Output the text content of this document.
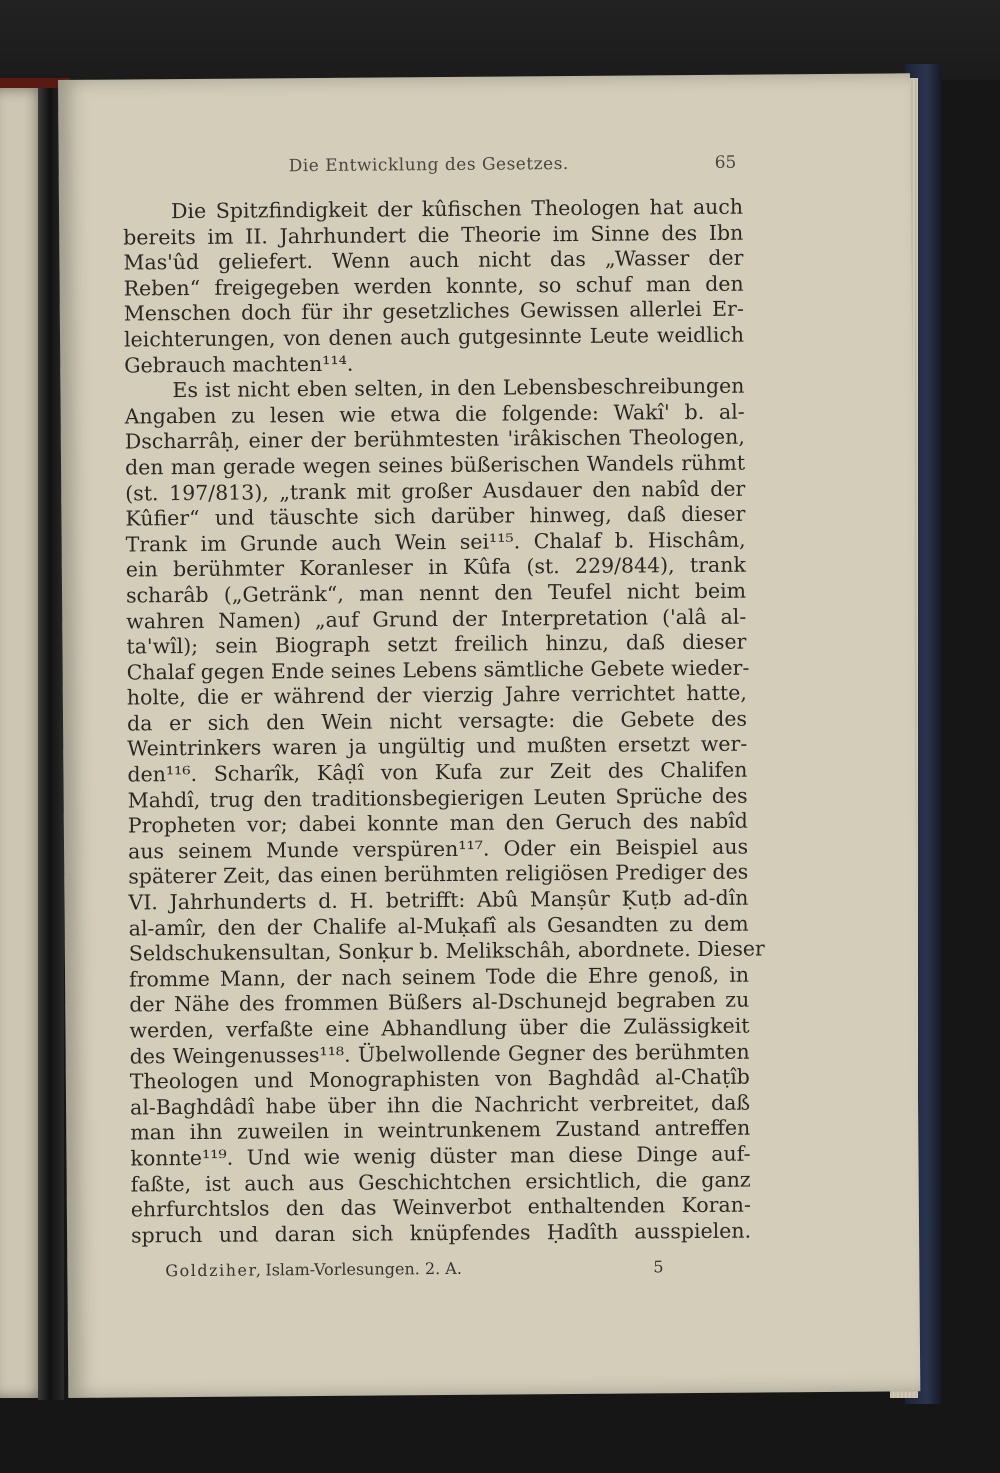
Die Entwicklung des Gesetzes.	65
Die Spitzfindigkeit der kûfischen Theologen hat auch
bereits im II. Jahrhundert die Theorie im Sinne des Ibn
Mas'ûd geliefert. Wenn auch nicht das „Wasser der
Reben“ freigegeben werden konnte, so schuf man den
Menschen doch für ihr gesetzliches Gewissen allerlei Er-
leichterungen, von denen auch gutgesinnte Leute weidlich
Gebrauch machten¹¹⁴.
Es ist nicht eben selten, in den Lebensbeschreibungen
Angaben zu lesen wie etwa die folgende: Wakî' b. al-
Dscharrâḥ, einer der berühmtesten 'irâkischen Theologen,
den man gerade wegen seines büßerischen Wandels rühmt
(st. 197/813), „trank mit großer Ausdauer den nabîd der
Kûfier“ und täuschte sich darüber hinweg, daß dieser
Trank im Grunde auch Wein sei¹¹⁵. Chalaf b. Hischâm,
ein berühmter Koranleser in Kûfa (st. 229/844), trank
scharâb („Getränk“, man nennt den Teufel nicht beim
wahren Namen) „auf Grund der Interpretation ('alâ al-
ta'wîl); sein Biograph setzt freilich hinzu, daß dieser
Chalaf gegen Ende seines Lebens sämtliche Gebete wieder-
holte, die er während der vierzig Jahre verrichtet hatte,
da er sich den Wein nicht versagte: die Gebete des
Weintrinkers waren ja ungültig und mußten ersetzt wer-
den¹¹⁶. Scharîk, Kâḍî von Kufa zur Zeit des Chalifen
Mahdî, trug den traditionsbegierigen Leuten Sprüche des
Propheten vor; dabei konnte man den Geruch des nabîd
aus seinem Munde verspüren¹¹⁷. Oder ein Beispiel aus
späterer Zeit, das einen berühmten religiösen Prediger des
VI. Jahrhunderts d. H. betrifft: Abû Manṣûr Ḳuṭb ad-dîn
al-amîr, den der Chalife al-Muḳafî als Gesandten zu dem
Seldschukensultan, Sonḳur b. Melikschâh, abordnete. Dieser
fromme Mann, der nach seinem Tode die Ehre genoß, in
der Nähe des frommen Büßers al-Dschunejd begraben zu
werden, verfaßte eine Abhandlung über die Zulässigkeit
des Weingenusses¹¹⁸. Übelwollende Gegner des berühmten
Theologen und Monographisten von Baghdâd al-Chaṭîb
al-Baghdâdî habe über ihn die Nachricht verbreitet, daß
man ihn zuweilen in weintrunkenem Zustand antreffen
konnte¹¹⁹. Und wie wenig düster man diese Dinge auf-
faßte, ist auch aus Geschichtchen ersichtlich, die ganz
ehrfurchtslos den das Weinverbot enthaltenden Koran-
spruch und daran sich knüpfendes Ḥadîth ausspielen.
Goldziher, Islam-Vorlesungen. 2. A.	5
